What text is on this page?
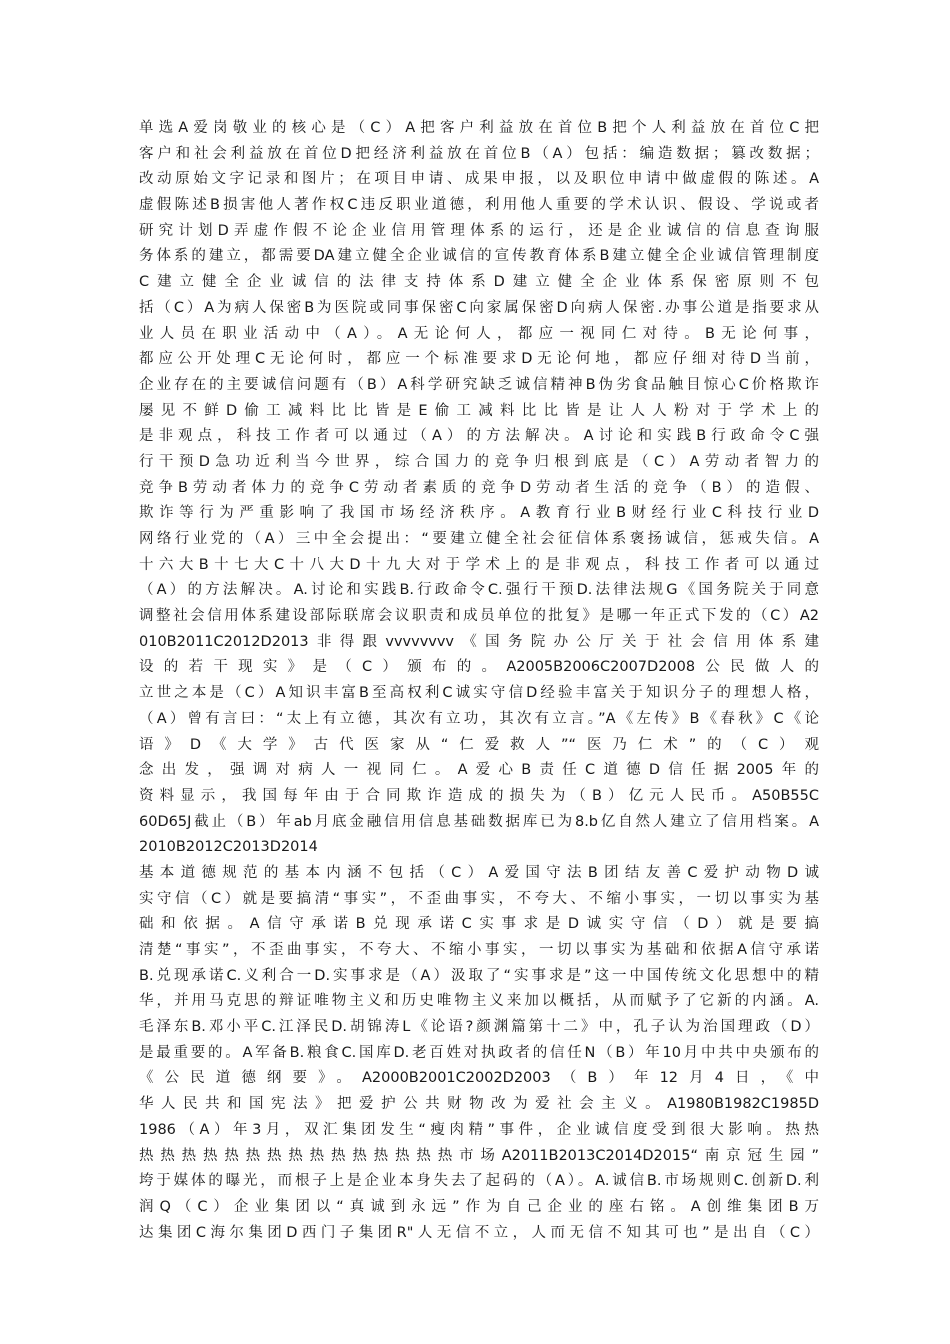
单选A爱岗敬业的核心是（C）A把客户利益放在首位B把个人利益放在首位C把
客户和社会利益放在首位D把经济利益放在首位B（A）包括：编造数据；篡改数据；
改动原始文字记录和图片；在项目申请、成果申报，以及职位申请中做虚假的陈述。A
虚假陈述B损害他人著作权C违反职业道德，利用他人重要的学术认识、假设、学说或者
研究计划D弄虚作假不论企业信用管理体系的运行，还是企业诚信的信息查询服
务体系的建立，都需要DA建立健全企业诚信的宣传教育体系B建立健全企业诚信管理制度
C建立健全企业诚信的法律支持体系D建立健全企业体系保密原则不包
括（C）A为病人保密B为医院或同事保密C向家属保密D向病人保密.办事公道是指要求从
业人员在职业活动中（A）。A无论何人，都应一视同仁对待。B无论何事，
都应公开处理C无论何时，都应一个标准要求D无论何地，都应仔细对待D当前，
企业存在的主要诚信问题有（B）A科学研究缺乏诚信精神B伪劣食品触目惊心C价格欺诈
屡见不鲜D偷工减料比比皆是E偷工减料比比皆是让人人粉对于学术上的
是非观点，科技工作者可以通过（A）的方法解决。A讨论和实践B行政命令C强
行干预D急功近利当今世界，综合国力的竞争归根到底是（C）A劳动者智力的
竞争B劳动者体力的竞争C劳动者素质的竞争D劳动者生活的竞争（B）的造假、
欺诈等行为严重影响了我国市场经济秩序。A教育行业B财经行业C科技行业D
网络行业党的（A）三中全会提出：“要建立健全社会征信体系褒扬诚信，惩戒失信。A
十六大B十七大C十八大D十九大对于学术上的是非观点，科技工作者可以通过
（A）的方法解决。A.讨论和实践B.行政命令C.强行干预D.法律法规G《国务院关于同意
调整社会信用体系建设部际联席会议职责和成员单位的批复》是哪一年正式下发的（C）A2
010B2011C2012D2013非得跟vvvvvvvv《国务院办公厅关于社会信用体系建
设的若干现实》是（C）颁布的。A2005B2006C2007D2008公民做人的
立世之本是（C）A知识丰富B至高权利C诚实守信D经验丰富关于知识分子的理想人格，
（A）曾有言曰：“太上有立德，其次有立功，其次有立言。”A《左传》B《春秋》C《论
语》D《大学》古代医家从“仁爱救人”“医乃仁术”的（C）观
念出发，强调对病人一视同仁。A爱心B责任C道德D信任据2005年的
资料显示，我国每年由于合同欺诈造成的损失为（B）亿元人民币。A50B55C
60D65J截止（B）年ab月底金融信用信息基础数据库已为8.b亿自然人建立了信用档案。A
2010B2012C2013D2014
基本道德规范的基本内涵不包括（C）A爱国守法B团结友善C爱护动物D诚
实守信（C）就是要搞清“事实”，不歪曲事实，不夸大、不缩小事实，一切以事实为基
础和依据。A信守承诺B兑现承诺C实事求是D诚实守信（D）就是要搞
清楚“事实”，不歪曲事实，不夸大、不缩小事实，一切以事实为基础和依据A信守承诺
B.兑现承诺C.义利合一D.实事求是（A）汲取了“实事求是”这一中国传统文化思想中的精
华，并用马克思的辩证唯物主义和历史唯物主义来加以概括，从而赋予了它新的内涵。A.
毛泽东B.邓小平C.江泽民D.胡锦涛L《论语?颜渊篇第十二》中，孔子认为治国理政（D）
是最重要的。A军备B.粮食C.国库D.老百姓对执政者的信任N（B）年10月中共中央颁布的
《公民道德纲要》。A2000B2001C2002D2003（B）年12月4日，《中
华人民共和国宪法》把爱护公共财物改为爱社会主义。A1980B1982C1985D
1986（A）年3月，双汇集团发生“瘦肉精”事件，企业诚信度受到很大影响。热热
热热热热热热热热热热热热热热热市场A2011B2013C2014D2015“南京冠生园”
垮于媒体的曝光，而根子上是企业本身失去了起码的（A）。A.诚信B.市场规则C.创新D.利
润Q（C）企业集团以“真诚到永远”作为自己企业的座右铭。A创维集团B万
达集团C海尔集团D西门子集团R"人无信不立，人而无信不知其可也”是出自（C）
